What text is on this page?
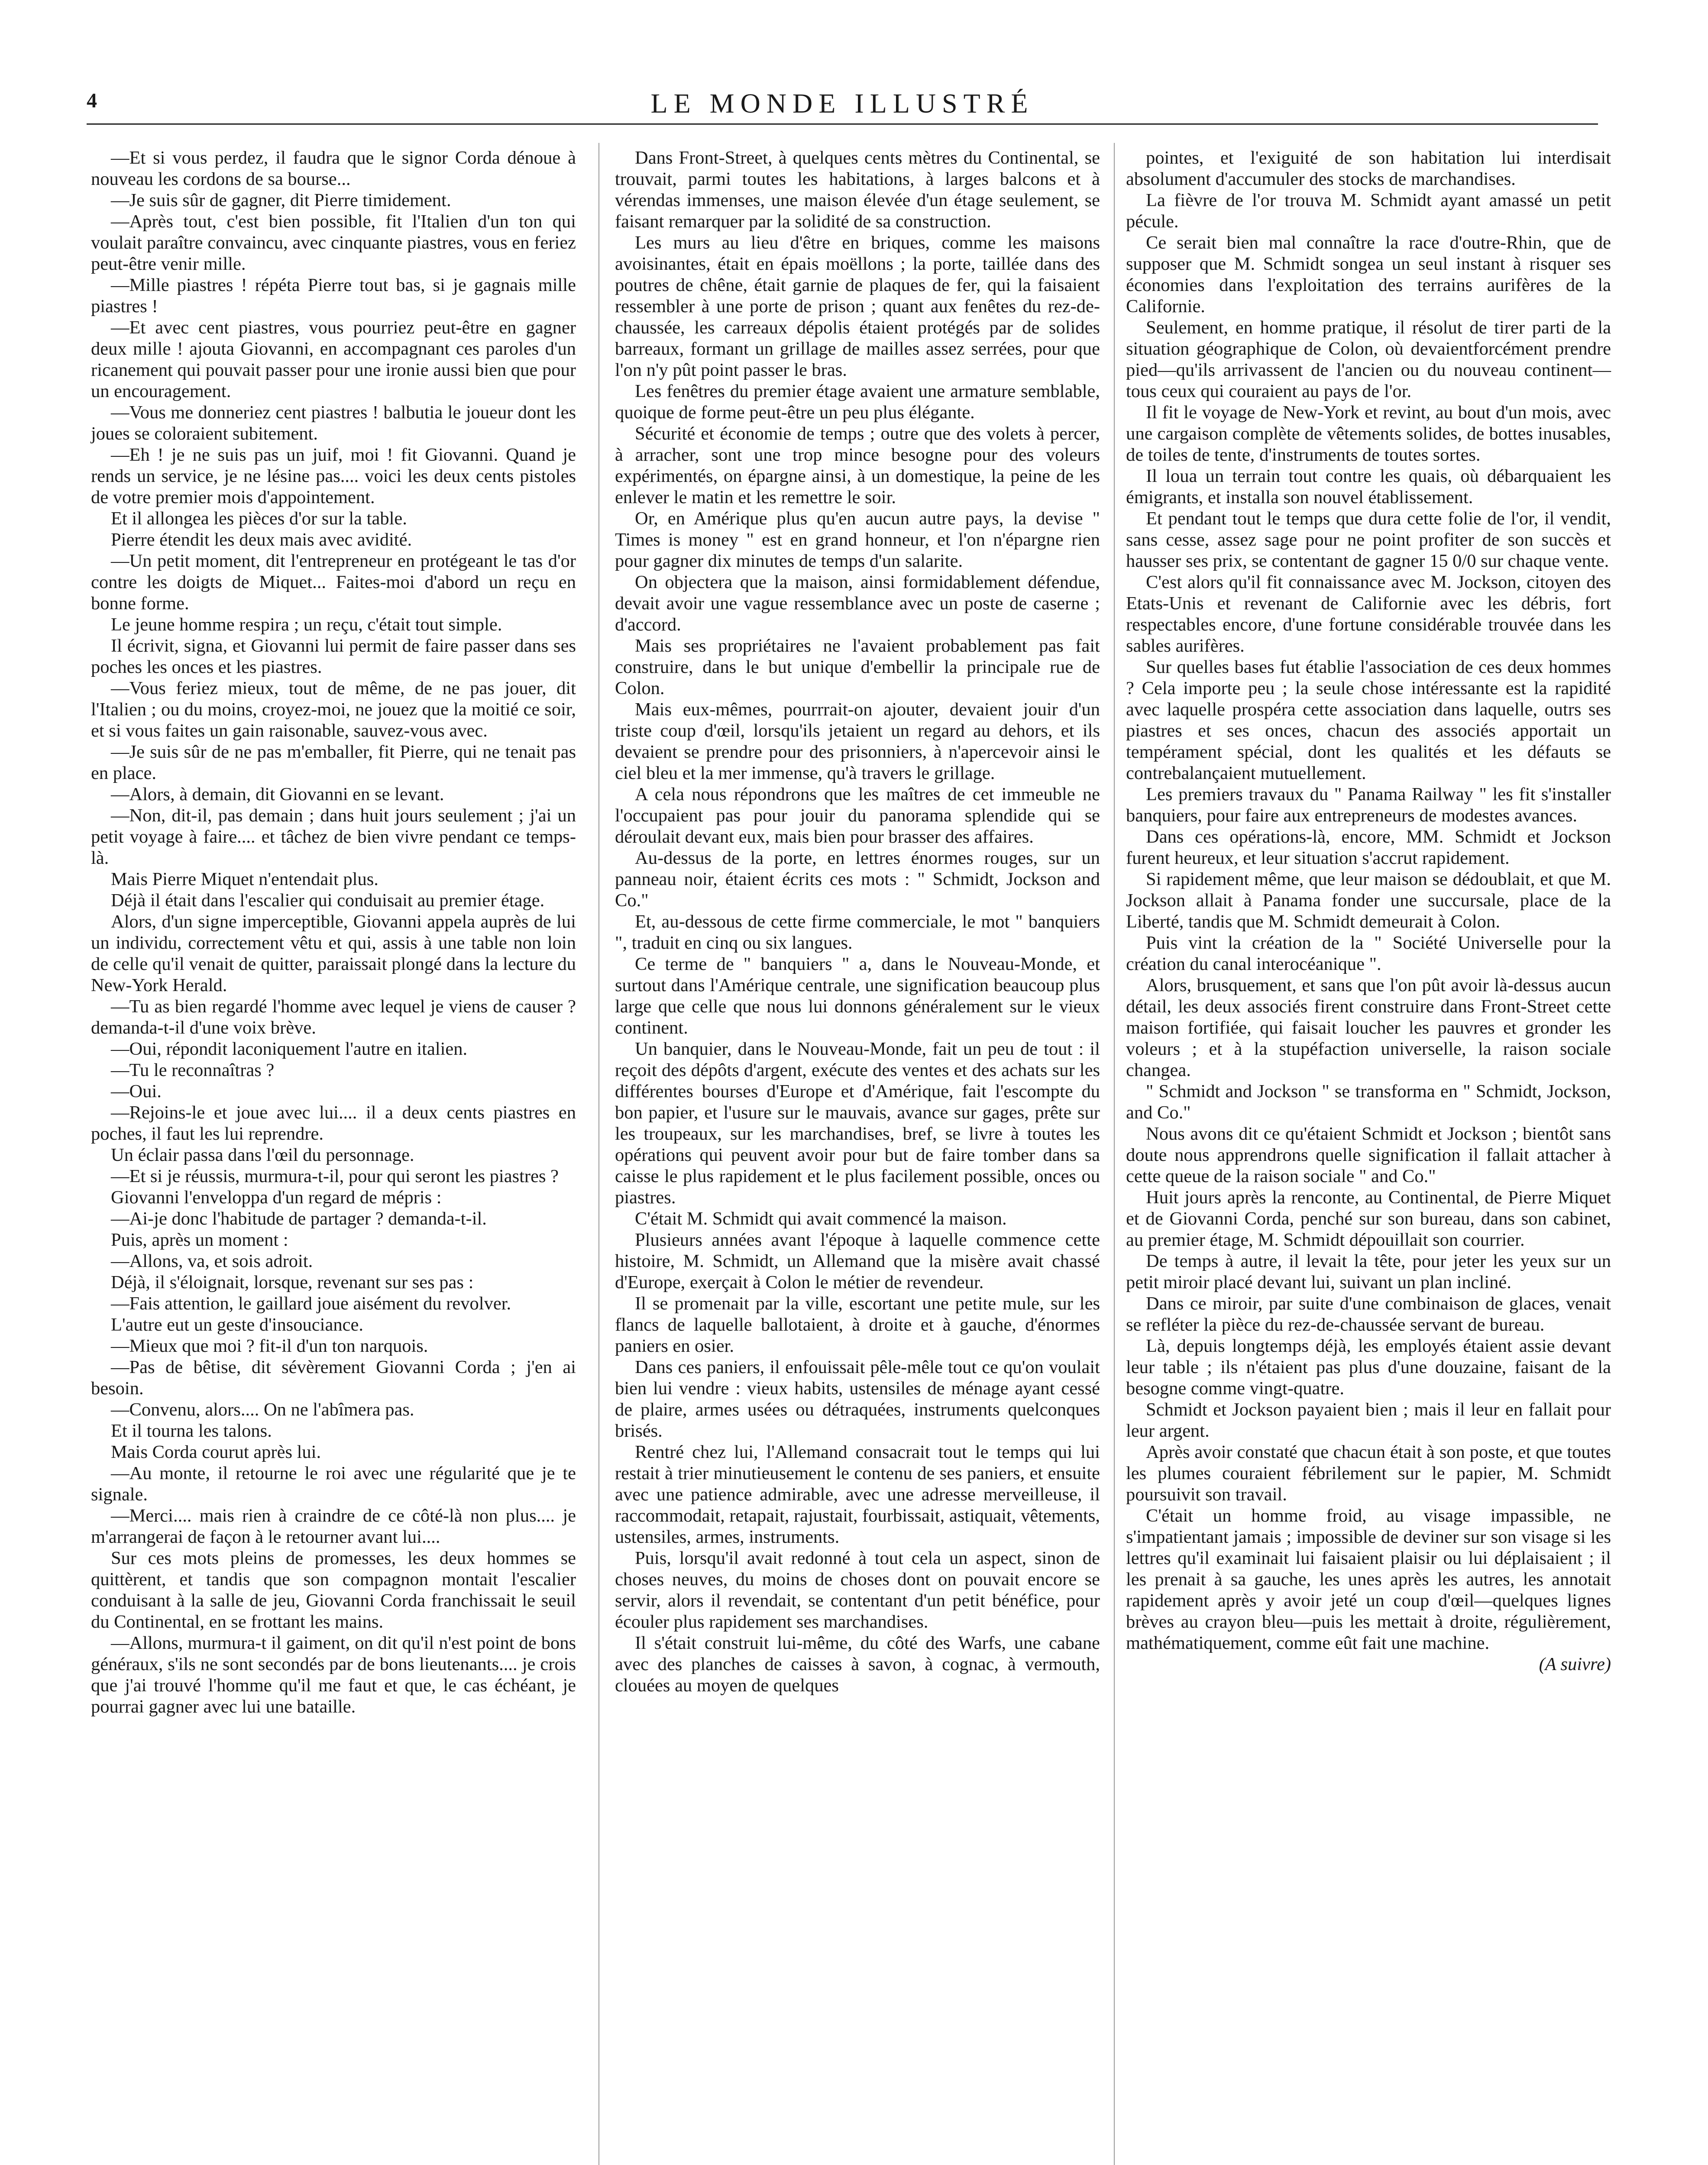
4	LE MONDE ILLUSTRÉ

—Et si vous perdez, il faudra que le signor Corda dénoue à nouveau les cordons de sa bourse...

—Je suis sûr de gagner, dit Pierre timidement.

—Après tout, c'est bien possible, fit l'Italien d'un ton qui voulait paraître convaincu, avec cinquante piastres, vous en feriez peut-être venir mille.

—Mille piastres ! répéta Pierre tout bas, si je gagnais mille piastres !

—Et avec cent piastres, vous pourriez peut-être en gagner deux mille ! ajouta Giovanni, en accompagnant ces paroles d'un ricanement qui pouvait passer pour une ironie aussi bien que pour un encouragement.

—Vous me donneriez cent piastres ! balbutia le joueur dont les joues se coloraient subitement.

—Eh ! je ne suis pas un juif, moi ! fit Giovanni. Quand je rends un service, je ne lésine pas.... voici les deux cents pistoles de votre premier mois d'appointement.

Et il allongea les pièces d'or sur la table.

Pierre étendit les deux mais avec avidité.

—Un petit moment, dit l'entrepreneur en protégeant le tas d'or contre les doigts de Miquet... Faites-moi d'abord un reçu en bonne forme.

Le jeune homme respira ; un reçu, c'était tout simple.

Il écrivit, signa, et Giovanni lui permit de faire passer dans ses poches les onces et les piastres.

—Vous feriez mieux, tout de même, de ne pas jouer, dit l'Italien ; ou du moins, croyez-moi, ne jouez que la moitié ce soir, et si vous faites un gain raisonable, sauvez-vous avec.

—Je suis sûr de ne pas m'emballer, fit Pierre, qui ne tenait pas en place.

—Alors, à demain, dit Giovanni en se levant.

—Non, dit-il, pas demain ; dans huit jours seulement ; j'ai un petit voyage à faire.... et tâchez de bien vivre pendant ce temps-là.

Mais Pierre Miquet n'entendait plus.

Déjà il était dans l'escalier qui conduisait au premier étage.

Alors, d'un signe imperceptible, Giovanni appela auprès de lui un individu, correctement vêtu et qui, assis à une table non loin de celle qu'il venait de quitter, paraissait plongé dans la lecture du New-York Herald.

—Tu as bien regardé l'homme avec lequel je viens de causer ? demanda-t-il d'une voix brève.

—Oui, répondit laconiquement l'autre en italien.

—Tu le reconnaîtras ?

—Oui.

—Rejoins-le et joue avec lui.... il a deux cents piastres en poches, il faut les lui reprendre.

Un éclair passa dans l'œil du personnage.

—Et si je réussis, murmura-t-il, pour qui seront les piastres ?

Giovanni l'enveloppa d'un regard de mépris :

—Ai-je donc l'habitude de partager ? demanda-t-il.

Puis, après un moment :

—Allons, va, et sois adroit.

Déjà, il s'éloignait, lorsque, revenant sur ses pas :

—Fais attention, le gaillard joue aisément du revolver.

L'autre eut un geste d'insouciance.

—Mieux que moi ? fit-il d'un ton narquois.

—Pas de bêtise, dit sévèrement Giovanni Corda ; j'en ai besoin.

—Convenu, alors.... On ne l'abîmera pas.

Et il tourna les talons.

Mais Corda courut après lui.

—Au monte, il retourne le roi avec une régularité que je te signale.

—Merci.... mais rien à craindre de ce côté-là non plus.... je m'arrangerai de façon à le retourner avant lui....

Sur ces mots pleins de promesses, les deux hommes se quittèrent, et tandis que son compagnon montait l'escalier conduisant à la salle de jeu, Giovanni Corda franchissait le seuil du Continental, en se frottant les mains.

—Allons, murmura-t il gaiment, on dit qu'il n'est point de bons généraux, s'ils ne sont secondés par de bons lieutenants.... je crois que j'ai trouvé l'homme qu'il me faut et que, le cas échéant, je pourrai gagner avec lui une bataille.

Dans Front-Street, à quelques cents mètres du Continental, se trouvait, parmi toutes les habitations, à larges balcons et à vérendas immenses, une maison élevée d'un étage seulement, se faisant remarquer par la solidité de sa construction.

Les murs au lieu d'être en briques, comme les maisons avoisinantes, était en épais moëllons ; la porte, taillée dans des poutres de chêne, était garnie de plaques de fer, qui la faisaient ressembler à une porte de prison ; quant aux fenêtes du rez-de-chaussée, les carreaux dépolis étaient protégés par de solides barreaux, formant un grillage de mailles assez serrées, pour que l'on n'y pût point passer le bras.

Les fenêtres du premier étage avaient une armature semblable, quoique de forme peut-être un peu plus élégante.

Sécurité et économie de temps ; outre que des volets à percer, à arracher, sont une trop mince besogne pour des voleurs expérimentés, on épargne ainsi, à un domestique, la peine de les enlever le matin et les remettre le soir.

Or, en Amérique plus qu'en aucun autre pays, la devise " Times is money " est en grand honneur, et l'on n'épargne rien pour gagner dix minutes de temps d'un salarite.

On objectera que la maison, ainsi formidablement défendue, devait avoir une vague ressemblance avec un poste de caserne ; d'accord.

Mais ses propriétaires ne l'avaient probablement pas fait construire, dans le but unique d'embellir la principale rue de Colon.

Mais eux-mêmes, pourrrait-on ajouter, devaient jouir d'un triste coup d'œil, lorsqu'ils jetaient un regard au dehors, et ils devaient se prendre pour des prisonniers, à n'apercevoir ainsi le ciel bleu et la mer immense, qu'à travers le grillage.

A cela nous répondrons que les maîtres de cet immeuble ne l'occupaient pas pour jouir du panorama splendide qui se déroulait devant eux, mais bien pour brasser des affaires.

Au-dessus de la porte, en lettres énormes rouges, sur un panneau noir, étaient écrits ces mots : " Schmidt, Jockson and Co."

Et, au-dessous de cette firme commerciale, le mot " banquiers ", traduit en cinq ou six langues.

Ce terme de " banquiers " a, dans le Nouveau-Monde, et surtout dans l'Amérique centrale, une signification beaucoup plus large que celle que nous lui donnons généralement sur le vieux continent.

Un banquier, dans le Nouveau-Monde, fait un peu de tout : il reçoit des dépôts d'argent, exécute des ventes et des achats sur les différentes bourses d'Europe et d'Amérique, fait l'escompte du bon papier, et l'usure sur le mauvais, avance sur gages, prête sur les troupeaux, sur les marchandises, bref, se livre à toutes les opérations qui peuvent avoir pour but de faire tomber dans sa caisse le plus rapidement et le plus facilement possible, onces ou piastres.

C'était M. Schmidt qui avait commencé la maison.

Plusieurs années avant l'époque à laquelle commence cette histoire, M. Schmidt, un Allemand que la misère avait chassé d'Europe, exerçait à Colon le métier de revendeur.

Il se promenait par la ville, escortant une petite mule, sur les flancs de laquelle ballotaient, à droite et à gauche, d'énormes paniers en osier.

Dans ces paniers, il enfouissait pêle-mêle tout ce qu'on voulait bien lui vendre : vieux habits, ustensiles de ménage ayant cessé de plaire, armes usées ou détraquées, instruments quelconques brisés.

Rentré chez lui, l'Allemand consacrait tout le temps qui lui restait à trier minutieusement le contenu de ses paniers, et ensuite avec une patience admirable, avec une adresse merveilleuse, il raccommodait, retapait, rajustait, fourbissait, astiquait, vêtements, ustensiles, armes, instruments.

Puis, lorsqu'il avait redonné à tout cela un aspect, sinon de choses neuves, du moins de choses dont on pouvait encore se servir, alors il revendait, se contentant d'un petit bénéfice, pour écouler plus rapidement ses marchandises.

Il s'était construit lui-même, du côté des Warfs, une cabane avec des planches de caisses à savon, à cognac, à vermouth, clouées au moyen de quelques

pointes, et l'exiguité de son habitation lui interdisait absolument d'accumuler des stocks de marchandises.

La fièvre de l'or trouva M. Schmidt ayant amassé un petit pécule.

Ce serait bien mal connaître la race d'outre-Rhin, que de supposer que M. Schmidt songea un seul instant à risquer ses économies dans l'exploitation des terrains aurifères de la Californie.

Seulement, en homme pratique, il résolut de tirer parti de la situation géographique de Colon, où devaientforcément prendre pied—qu'ils arrivassent de l'ancien ou du nouveau continent—tous ceux qui couraient au pays de l'or.

Il fit le voyage de New-York et revint, au bout d'un mois, avec une cargaison complète de vêtements solides, de bottes inusables, de toiles de tente, d'instruments de toutes sortes.

Il loua un terrain tout contre les quais, où débarquaient les émigrants, et installa son nouvel établissement.

Et pendant tout le temps que dura cette folie de l'or, il vendit, sans cesse, assez sage pour ne point profiter de son succès et hausser ses prix, se contentant de gagner 15 0/0 sur chaque vente.

C'est alors qu'il fit connaissance avec M. Jockson, citoyen des Etats-Unis et revenant de Californie avec les débris, fort respectables encore, d'une fortune considérable trouvée dans les sables aurifères.

Sur quelles bases fut établie l'association de ces deux hommes ? Cela importe peu ; la seule chose intéressante est la rapidité avec laquelle prospéra cette association dans laquelle, outrs ses piastres et ses onces, chacun des associés apportait un tempérament spécial, dont les qualités et les défauts se contrebalançaient mutuellement.

Les premiers travaux du " Panama Railway " les fit s'installer banquiers, pour faire aux entrepreneurs de modestes avances.

Dans ces opérations-là, encore, MM. Schmidt et Jockson furent heureux, et leur situation s'accrut rapidement.

Si rapidement même, que leur maison se dédoublait, et que M. Jockson allait à Panama fonder une succursale, place de la Liberté, tandis que M. Schmidt demeurait à Colon.

Puis vint la création de la " Société Universelle pour la création du canal interocéanique ".

Alors, brusquement, et sans que l'on pût avoir là-dessus aucun détail, les deux associés firent construire dans Front-Street cette maison fortifiée, qui faisait loucher les pauvres et gronder les voleurs ; et à la stupéfaction universelle, la raison sociale changea.

" Schmidt and Jockson " se transforma en " Schmidt, Jockson, and Co."

Nous avons dit ce qu'étaient Schmidt et Jockson ; bientôt sans doute nous apprendrons quelle signification il fallait attacher à cette queue de la raison sociale " and Co."

Huit jours après la renconte, au Continental, de Pierre Miquet et de Giovanni Corda, penché sur son bureau, dans son cabinet, au premier étage, M. Schmidt dépouillait son courrier.

De temps à autre, il levait la tête, pour jeter les yeux sur un petit miroir placé devant lui, suivant un plan incliné.

Dans ce miroir, par suite d'une combinaison de glaces, venait se refléter la pièce du rez-de-chaussée servant de bureau.

Là, depuis longtemps déjà, les employés étaient assie devant leur table ; ils n'étaient pas plus d'une douzaine, faisant de la besogne comme vingt-quatre.

Schmidt et Jockson payaient bien ; mais il leur en fallait pour leur argent.

Après avoir constaté que chacun était à son poste, et que toutes les plumes couraient fébrilement sur le papier, M. Schmidt poursuivit son travail.

C'était un homme froid, au visage impassible, ne s'impatientant jamais ; impossible de deviner sur son visage si les lettres qu'il examinait lui faisaient plaisir ou lui déplaisaient ; il les prenait à sa gauche, les unes après les autres, les annotait rapidement après y avoir jeté un coup d'œil—quelques lignes brèves au crayon bleu—puis les mettait à droite, régulièrement, mathématiquement, comme eût fait une machine.

(A suivre)
